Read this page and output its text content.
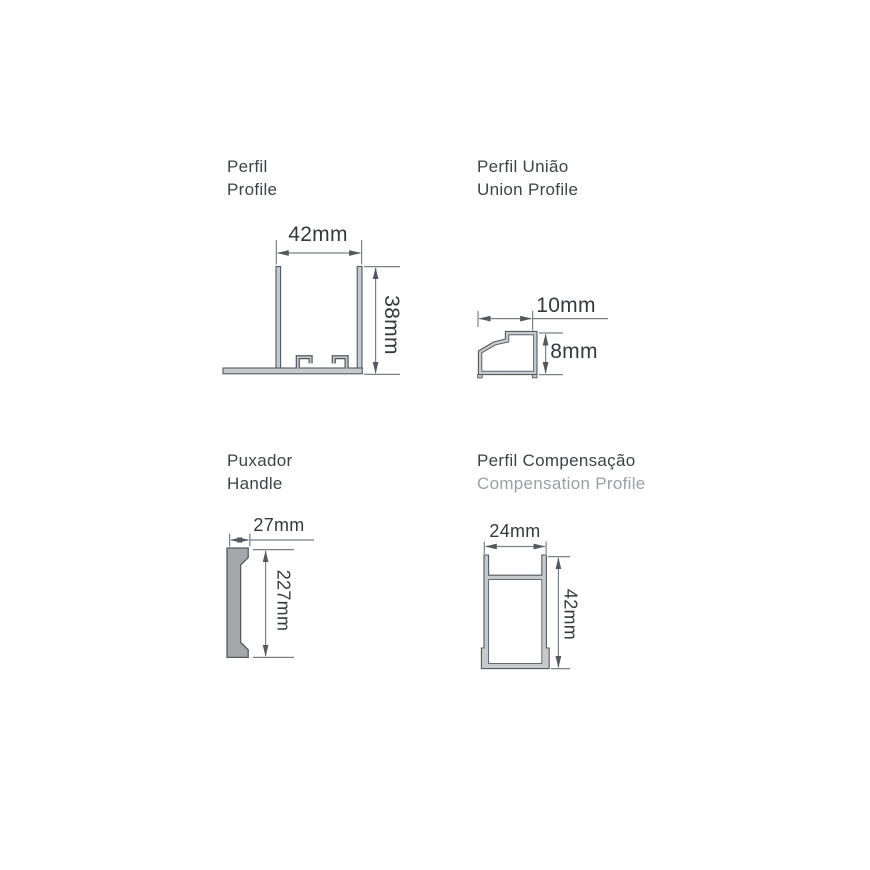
Perfil
Profile
Perfil União
Union Profile
Puxador
Handle
Perfil Compensação
Compensation Profile
42mm
38mm	10mm
8mm
27mm
227mm
24mm
42mm
